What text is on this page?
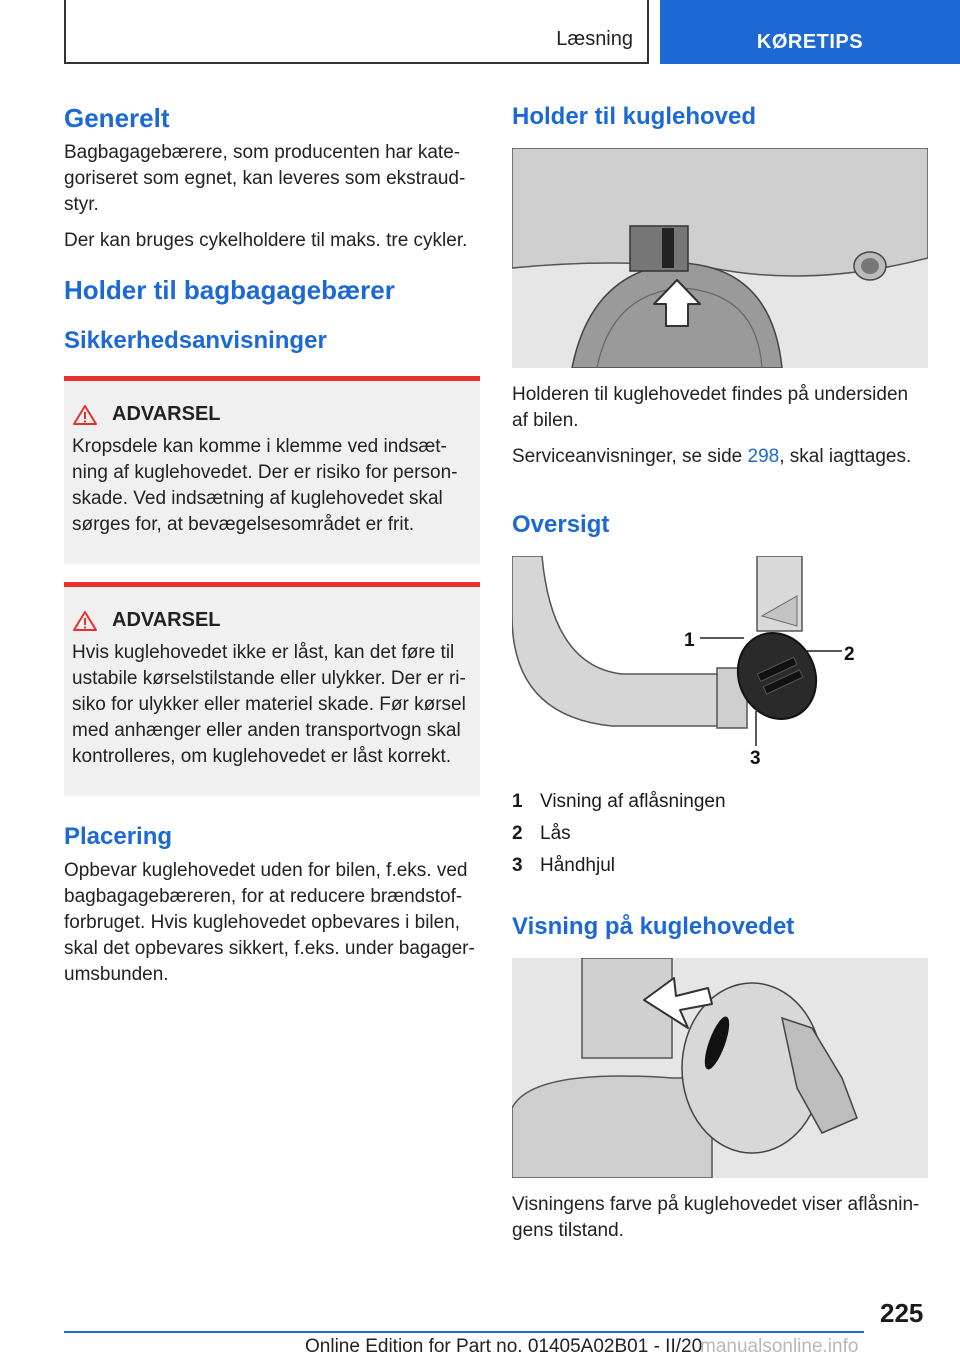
Læsning	KØRETIPS
Generelt

Bagbagagebærere, som producenten har kate-goriseret som egnet, kan leveres som ekstraud-styr.

Der kan bruges cykelholdere til maks. tre cykler.

Holder til bagbagagebærer
Sikkerhedsanvisninger
ADVARSEL

Kropsdele kan komme i klemme ved indsæt-ning af kuglehovedet. Der er risiko for person-skade. Ved indsætning af kuglehovedet skal sørges for, at bevægelsesområdet er frit.

ADVARSEL

Hvis kuglehovedet ikke er låst, kan det føre til ustabile kørselstilstande eller ulykker. Der er ri-siko for ulykker eller materiel skade. Før kørsel med anhænger eller anden transportvogn skal kontrolleres, om kuglehovedet er låst korrekt.

Placering

Opbevar kuglehovedet uden for bilen, f.eks. ved bagbagagebæreren, for at reducere brændstof-forbruget. Hvis kuglehovedet opbevares i bilen, skal det opbevares sikkert, f.eks. under bagager-umsbunden.

Holder til kuglehoved

Holderen til kuglehovedet findes på undersiden af bilen.

Serviceanvisninger, se side 298, skal iagttages.

Oversigt
1
2
3
1 Visning af aflåsningen
2 Lås
3 Håndhjul
Visning på kuglehovedet

Visningens farve på kuglehovedet viser aflåsnin-gens tilstand.

225
Online Edition for Part no. 01405A02B01 - II/20
manualsonline.info
